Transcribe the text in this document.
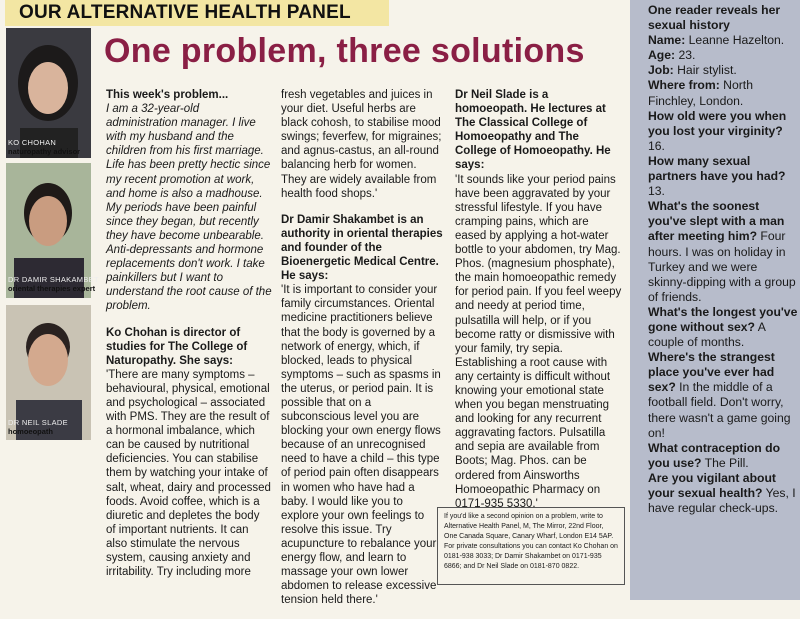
OUR ALTERNATIVE HEALTH PANEL
One problem, three solutions
KO CHOHAN
naturopathy advisor
DR DAMIR SHAKAMBET
oriental therapies expert
DR NEIL SLADE
homoeopath

This week's problem...
I am a 32-year-old administration manager. I live with my husband and the children from his first marriage. Life has been pretty hectic since my recent promotion at work, and home is also a madhouse. My periods have been painful since they began, but recently they have become unbearable. Anti-depressants and hormone replacements don't work. I take painkillers but I want to understand the root cause of the problem.

Ko Chohan is director of studies for The College of Naturopathy. She says:
'There are many symptoms – behavioural, physical, emotional and psychological – associated with PMS. They are the result of a hormonal imbalance, which can be caused by nutritional deficiencies. You can stabilise them by watching your intake of salt, wheat, dairy and processed foods. Avoid coffee, which is a diuretic and depletes the body of important nutrients. It can also stimulate the nervous system, causing anxiety and irritability. Try including more

fresh vegetables and juices in your diet. Useful herbs are black cohosh, to stabilise mood swings; feverfew, for migraines; and agnus-castus, an all-round balancing herb for women. They are widely available from health food shops.'

Dr Damir Shakambet is an authority in oriental therapies and founder of the Bioenergetic Medical Centre. He says:
'It is important to consider your family circumstances. Oriental medicine practitioners believe that the body is governed by a network of energy, which, if blocked, leads to physical symptoms – such as spasms in the uterus, or period pain. It is possible that on a subconscious level you are blocking your own energy flows because of an unrecognised need to have a child – this type of period pain often disappears in women who have had a baby. I would like you to explore your own feelings to resolve this issue. Try acupuncture to rebalance your energy flow, and learn to massage your own lower abdomen to release excessive tension held there.'

Dr Neil Slade is a homoeopath. He lectures at The Classical College of Homoeopathy and The College of Homoeopathy. He says:
'It sounds like your period pains have been aggravated by your stressful lifestyle. If you have cramping pains, which are eased by applying a hot-water bottle to your abdomen, try Mag. Phos. (magnesium phosphate), the main homoeopathic remedy for period pain. If you feel weepy and needy at period time, pulsatilla will help, or if you become ratty or dismissive with your family, try sepia. Establishing a root cause with any certainty is difficult without knowing your emotional state when you began menstruating and looking for any recurrent aggravating factors. Pulsatilla and sepia are available from Boots; Mag. Phos. can be ordered from Ainsworths Homoeopathic Pharmacy on 0171-935 5330.'

If you'd like a second opinion on a problem, write to Alternative Health Panel, M, The Mirror, 22nd Floor, One Canada Square, Canary Wharf, London E14 5AP. For private consultations you can contact Ko Chohan on 0181-938 3033; Dr Damir Shakambet on 0171-935 6866; and Dr Neil Slade on 0181-870 0822.
One reader reveals her sexual history
Name: Leanne Hazelton.
Age: 23.
Job: Hair stylist.
Where from: North Finchley, London.
How old were you when you lost your virginity? 16.
How many sexual partners have you had? 13.
What's the soonest you've slept with a man after meeting him? Four hours. I was on holiday in Turkey and we were skinny-dipping with a group of friends.
What's the longest you've gone without sex? A couple of months.
Where's the strangest place you've ever had sex? In the middle of a football field. Don't worry, there wasn't a game going on!
What contraception do you use? The Pill.
Are you vigilant about your sexual health? Yes, I have regular check-ups.
